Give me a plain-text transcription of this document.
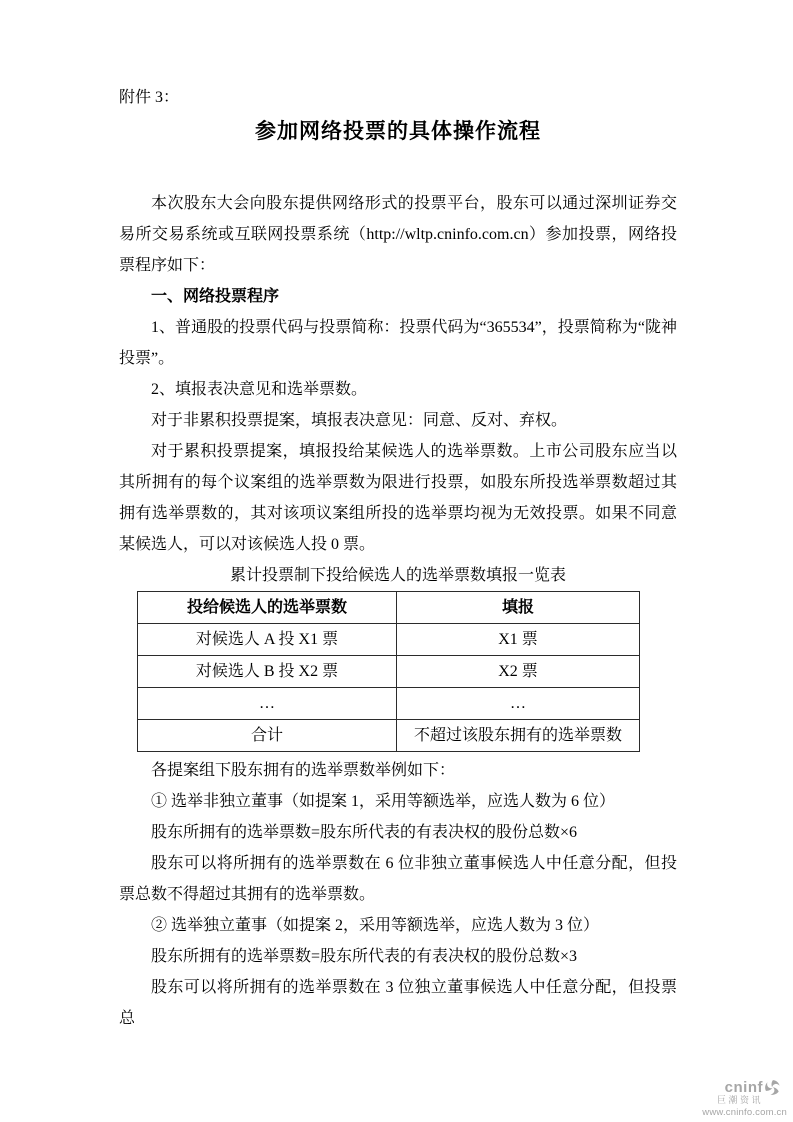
附件 3：
参加网络投票的具体操作流程

本次股东大会向股东提供网络形式的投票平台，股东可以通过深圳证券交易所交易系统或互联网投票系统（http://wltp.cninfo.com.cn）参加投票，网络投票程序如下：

一、网络投票程序

1、普通股的投票代码与投票简称：投票代码为“365534”，投票简称为“陇神投票”。

2、填报表决意见和选举票数。

对于非累积投票提案，填报表决意见：同意、反对、弃权。

对于累积投票提案，填报投给某候选人的选举票数。上市公司股东应当以其所拥有的每个议案组的选举票数为限进行投票，如股东所投选举票数超过其拥有选举票数的，其对该项议案组所投的选举票均视为无效投票。如果不同意某候选人，可以对该候选人投 0 票。

累计投票制下投给候选人的选举票数填报一览表

投给候选人的选举票数	填报
对候选人 A 投 X1 票	X1 票
对候选人 B 投 X2 票	X2 票
…	…
合计	不超过该股东拥有的选举票数

各提案组下股东拥有的选举票数举例如下：

① 选举非独立董事（如提案 1，采用等额选举，应选人数为 6 位）

股东所拥有的选举票数=股东所代表的有表决权的股份总数×6

股东可以将所拥有的选举票数在 6 位非独立董事候选人中任意分配，但投票总数不得超过其拥有的选举票数。

② 选举独立董事（如提案 2，采用等额选举，应选人数为 3 位）

股东所拥有的选举票数=股东所代表的有表决权的股份总数×3

股东可以将所拥有的选举票数在 3 位独立董事候选人中任意分配，但投票总

cninf
巨潮资讯
www.cninfo.com.cn
